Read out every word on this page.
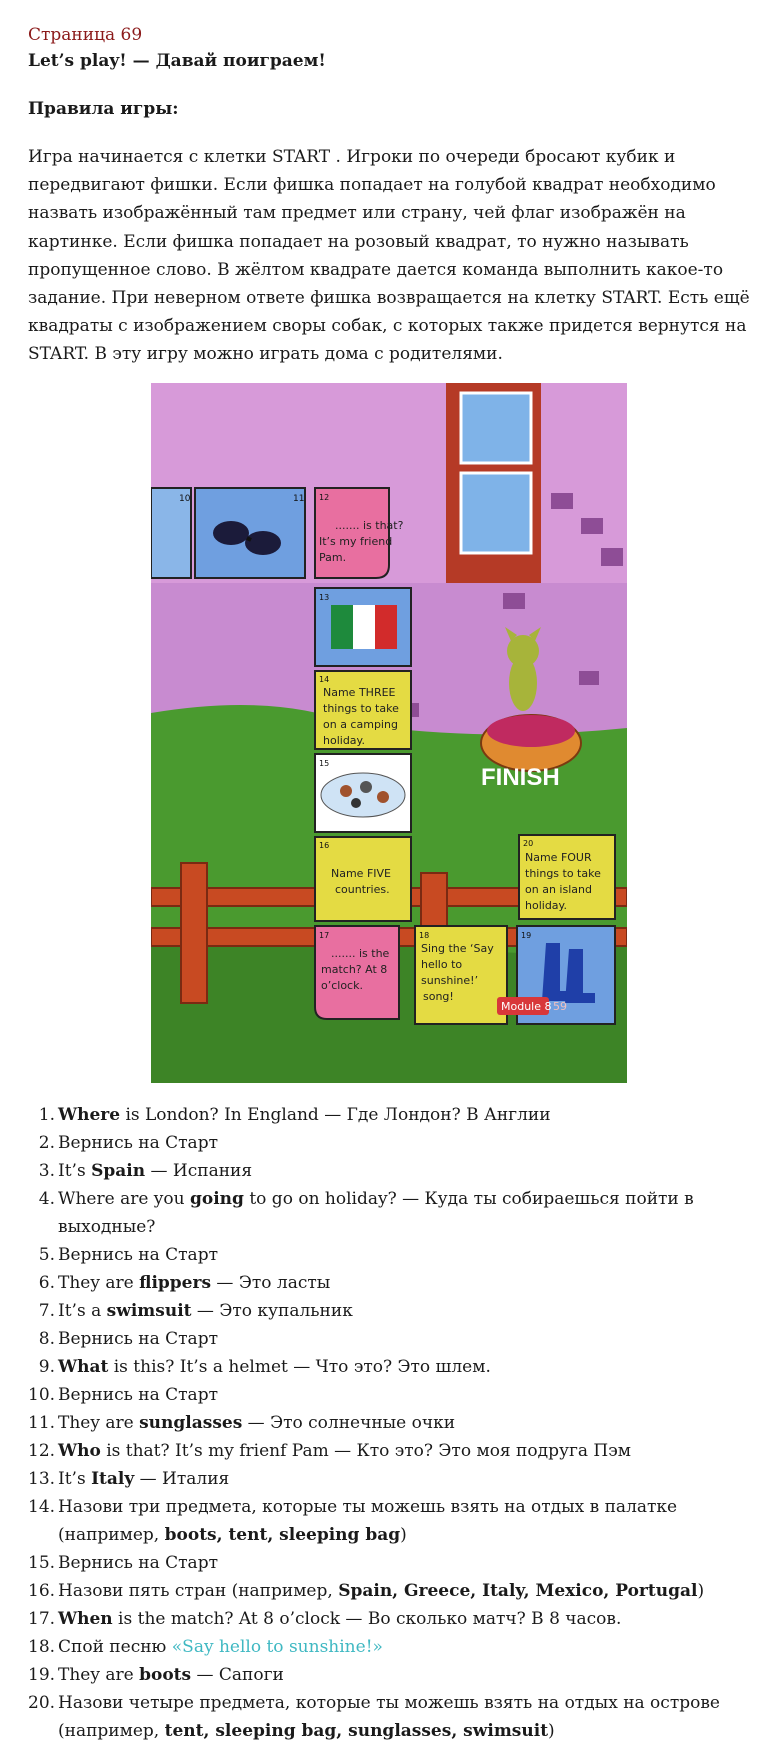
Страница 69
Let’s play! — Давай поиграем!
Правила игры:

Игра начинается с клетки START . Игроки по очереди бросают кубик и передвигают фишки. Если фишка попадает на голубой квадрат необходимо назвать изображённый там предмет или страну, чей флаг изображён на картинке. Если фишка попадает на розовый квадрат, то нужно называть пропущенное слово. В жёлтом квадрате дается команда выполнить какое-то задание. При неверном ответе фишка возвращается на клетку START. Есть ещё квадраты с изображением своры собак, с которых также придется вернутся на START. В эту игру можно играть дома с родителями.

10	11 12
....... is that?
It’s my friend
Pam.
13
14
Name THREE
things to take
on a camping
holiday.
15
16
Name FIVE
countries.
17
....... is the
match? At 8
o’clock.
18
Sing the ‘Say
hello to
sunshine!’
song!
19
20
Name FOUR
things to take
on an island
holiday.
FINISH
Module 8 59
1. Where is London? In England — Где Лондон? В Англии
2. Вернись на Старт
3. It’s Spain — Испания
4. Where are you going to go on holiday? — Куда ты собираешься пойти в выходные?
5. Вернись на Старт
6. They are flippers — Это ласты
7. It’s a swimsuit — Это купальник
8. Вернись на Старт
9. What is this? It’s a helmet — Что это? Это шлем.
10. Вернись на Старт
11. They are sunglasses — Это солнечные очки
12. Who is that? It’s my frienf Pam — Кто это? Это моя подруга Пэм
13. It’s Italy — Италия
14. Назови три предмета, которые ты можешь взять на отдых в палатке (например, boots, tent, sleeping bag)
15. Вернись на Старт
16. Назови пять стран (например, Spain, Greece, Italy, Mexico, Portugal)
17. When is the match? At 8 o’clock — Во сколько матч? В 8 часов.
18. Спой песню «Say hello to sunshine!»
19. They are boots — Сапоги
20. Назови четыре предмета, которые ты можешь взять на отдых на острове (например, tent, sleeping bag, sunglasses, swimsuit)
